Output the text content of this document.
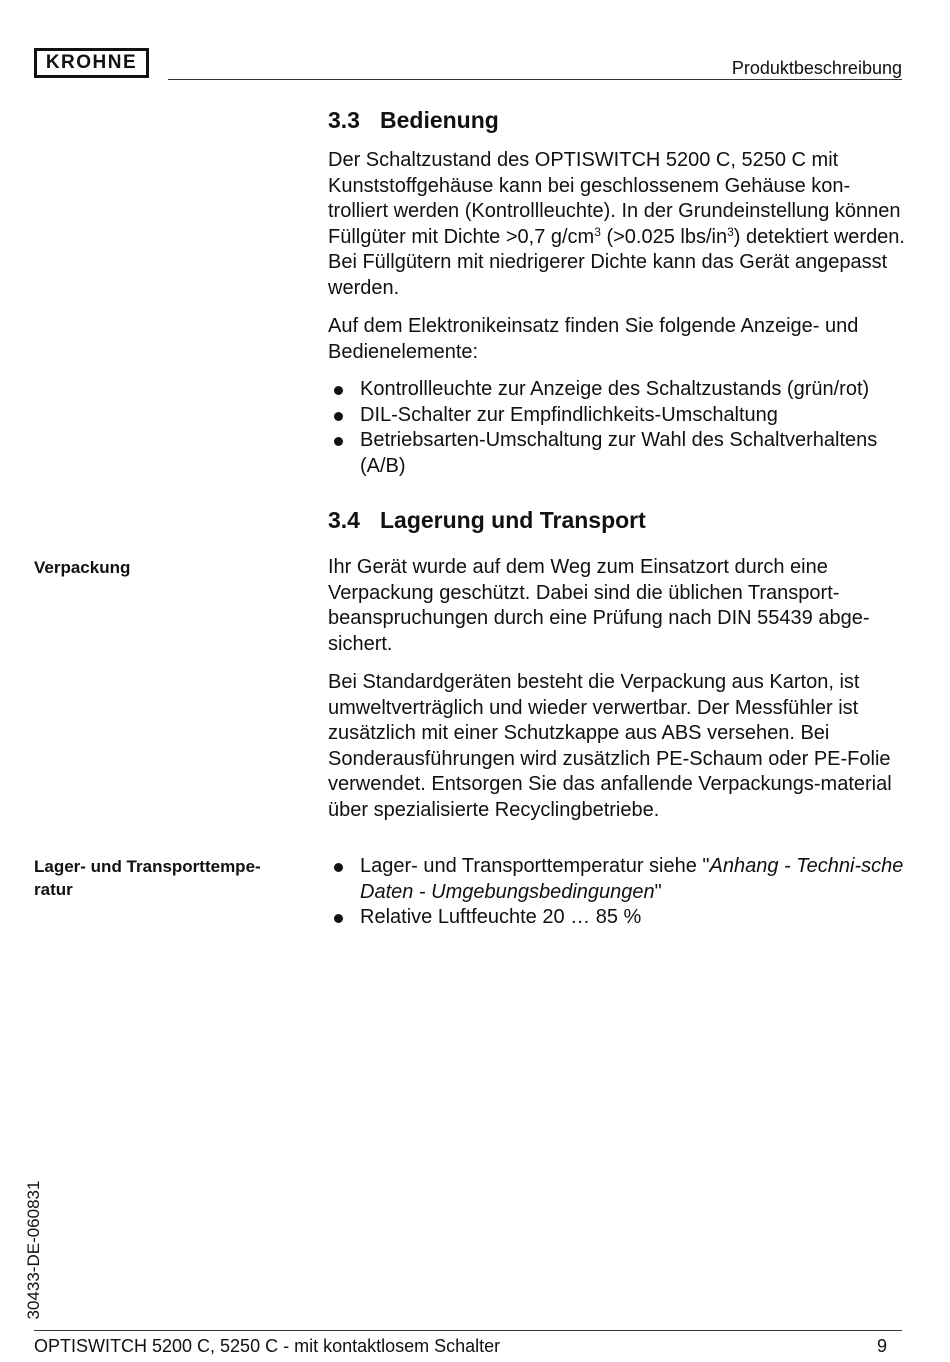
KROHNE	Produktbeschreibung
3.3 Bedienung

Der Schaltzustand des OPTISWITCH 5200 C, 5250 C mit Kunststoffgehäuse kann bei geschlossenem Gehäuse kon-trolliert werden (Kontrollleuchte). In der Grundeinstellung können Füllgüter mit Dichte >0,7 $g/cm^3$ (>0.025 lbs/$in^3$) detektiert werden. Bei Füllgütern mit niedrigerer Dichte kann das Gerät angepasst werden.

Auf dem Elektronikeinsatz finden Sie folgende Anzeige- und Bedienelemente:

Kontrollleuchte zur Anzeige des Schaltzustands (grün/rot)
DIL-Schalter zur Empfindlichkeits-Umschaltung
Betriebsarten-Umschaltung zur Wahl des Schaltverhaltens (A/B)
3.4 Lagerung und Transport
Verpackung	Ihr Gerät wurde auf dem Weg zum Einsatzort durch eine Verpackung geschützt. Dabei sind die üblichen Transport-beanspruchungen durch eine Prüfung nach DIN 55439 abge-sichert.

Bei Standardgeräten besteht die Verpackung aus Karton, ist umweltverträglich und wieder verwertbar. Der Messfühler ist zusätzlich mit einer Schutzkappe aus ABS versehen. Bei Sonderausführungen wird zusätzlich PE-Schaum oder PE-Folie verwendet. Entsorgen Sie das anfallende Verpackungs-material über spezialisierte Recyclingbetriebe.

Lager- und Transporttempe-ratur
Lager- und Transporttemperatur siehe "Anhang - Techni-sche Daten - Umgebungsbedingungen"
Relative Luftfeuchte 20 … 85 %
30433-DE-060831
OPTISWITCH 5200 C, 5250 C - mit kontaktlosem Schalter	9
